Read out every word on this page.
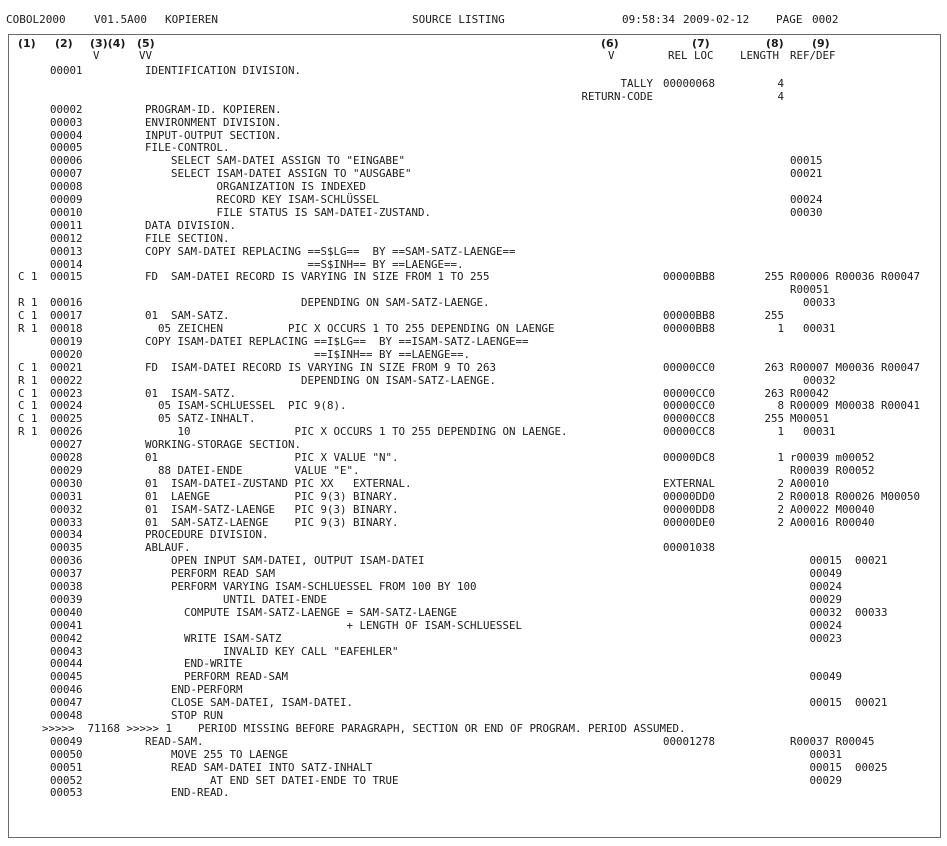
COBOL2000	V01.5A00 KOPIEREN	SOURCE LISTING	09:58:34 2009-02-12 PAGE 0002
(1) (2) (3)(4) (5)	(6)	(7)	(8)	(9)
V	VV	V	REL LOC LENGTH REF/DEF
00001	IDENTIFICATION DIVISION.
TALLY 00000068	4
RETURN-CODE	4
00002	PROGRAM-ID. KOPIEREN.
00003	ENVIRONMENT DIVISION.
00004	INPUT-OUTPUT SECTION.
00005	FILE-CONTROL.
00006	SELECT SAM-DATEI ASSIGN TO "EINGABE"	00015
00007	SELECT ISAM-DATEI ASSIGN TO "AUSGABE"	00021
00008	ORGANIZATION IS INDEXED
00009	RECORD KEY ISAM-SCHLÜSSEL	00024
00010	FILE STATUS IS SAM-DATEI-ZUSTAND.	00030
00011	DATA DIVISION.
00012	FILE SECTION.
00013	COPY SAM-DATEI REPLACING ==S$LG==  BY ==SAM-SATZ-LAENGE==
00014	==S$INH== BY ==LAENGE==.
C 1 00015	FD  SAM-DATEI RECORD IS VARYING IN SIZE FROM 1 TO 255	00000BB8	255 R00006 R00036 R00047
R00051
R 1 00016	DEPENDING ON SAM-SATZ-LAENGE.	00033
C 1 00017	01  SAM-SATZ.	00000BB8	255
R 1 00018	05 ZEICHEN          PIC X OCCURS 1 TO 255 DEPENDING ON LAENGE	00000BB8	1 00031
00019	COPY ISAM-DATEI REPLACING ==I$LG==  BY ==ISAM-SATZ-LAENGE==
00020	==I$INH== BY ==LAENGE==.
C 1 00021	FD  ISAM-DATEI RECORD IS VARYING IN SIZE FROM 9 TO 263	00000CC0	263 R00007 M00036 R00047
R 1 00022	DEPENDING ON ISAM-SATZ-LAENGE.	00032
C 1 00023	01  ISAM-SATZ.	00000CC0	263 R00042
C 1 00024	05 ISAM-SCHLUESSEL  PIC 9(8).	00000CC0	8 R00009 M00038 R00041
C 1 00025	05 SATZ-INHALT.	00000CC8	255 M00051
R 1 00026	10                PIC X OCCURS 1 TO 255 DEPENDING ON LAENGE.	00000CC8	1 00031
00027	WORKING-STORAGE SECTION.
00028	01                     PIC X VALUE "N".	00000DC8	1 r00039 m00052
00029	88 DATEI-ENDE        VALUE "E".	R00039 R00052
00030	01  ISAM-DATEI-ZUSTAND PIC XX   EXTERNAL.	EXTERNAL	2 A00010
00031	01  LAENGE             PIC 9(3) BINARY.	00000DD0	2 R00018 R00026 M00050
00032	01  ISAM-SATZ-LAENGE   PIC 9(3) BINARY.	00000DD8	2 A00022 M00040
00033	01  SAM-SATZ-LAENGE    PIC 9(3) BINARY.	00000DE0	2 A00016 R00040
00034	PROCEDURE DIVISION.
00035	ABLAUF.	00001038
00036	OPEN INPUT SAM-DATEI, OUTPUT ISAM-DATEI	00015  00021
00037	PERFORM READ SAM	00049
00038	PERFORM VARYING ISAM-SCHLUESSEL FROM 100 BY 100	00024
00039	UNTIL DATEI-ENDE	00029
00040	COMPUTE ISAM-SATZ-LAENGE = SAM-SATZ-LAENGE	00032  00033
00041	+ LENGTH OF ISAM-SCHLUESSEL	00024
00042	WRITE ISAM-SATZ	00023
00043	INVALID KEY CALL "EAFEHLER"
00044	END-WRITE
00045	PERFORM READ-SAM	00049
00046	END-PERFORM
00047	CLOSE SAM-DATEI, ISAM-DATEI.	00015  00021
00048	STOP RUN
>>>>>  71168 >>>>> 1    PERIOD MISSING BEFORE PARAGRAPH, SECTION OR END OF PROGRAM. PERIOD ASSUMED.
00049	READ-SAM.	00001278	R00037 R00045
00050	MOVE 255 TO LAENGE	00031
00051	READ SAM-DATEI INTO SATZ-INHALT	00015  00025
00052	AT END SET DATEI-ENDE TO TRUE	00029
00053	END-READ.
